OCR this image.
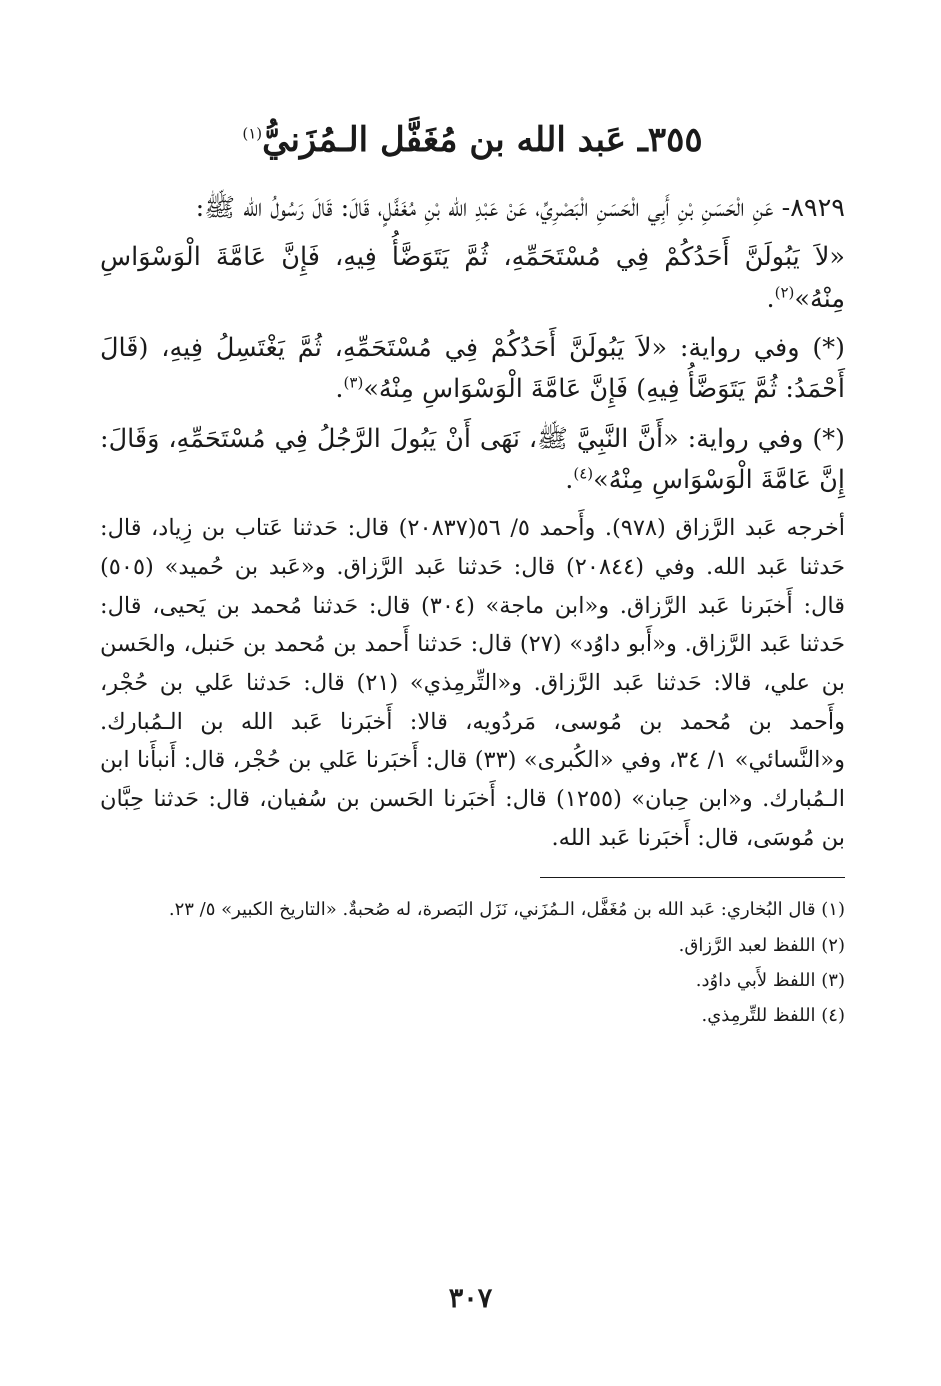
٣٥٥ـ عَبد الله بن مُغَفَّل الـمُزَنيُّ$^{(١)}$

٨٩٢٩- عَنِ الْحَسَنِ بْنِ أَبِي الْحَسَنِ الْبَصْرِيِّ، عَنْ عَبْدِ الله بْنِ مُغَفَّلٍ، قَالَ: قَالَ رَسُولُ الله ﷺ:

«لاَ يَبُولَنَّ أَحَدُكُمْ فِي مُسْتَحَمِّهِ، ثُمَّ يَتَوَضَّأُ فِيهِ، فَإِنَّ عَامَّةَ الْوَسْوَاسِ مِنْهُ»$^{(٢)}$.

(*) وفي رواية: «لاَ يَبُولَنَّ أَحَدُكُمْ فِي مُسْتَحَمِّهِ، ثُمَّ يَغْتَسِلُ فِيهِ، (قَالَ أَحْمَدُ: ثُمَّ يَتَوَضَّأُ فِيهِ) فَإِنَّ عَامَّةَ الْوَسْوَاسِ مِنْهُ»$^{(٣)}$.

(*) وفي رواية: «أَنَّ النَّبِيَّ ﷺ، نَهَى أَنْ يَبُولَ الرَّجُلُ فِي مُسْتَحَمِّهِ، وَقَالَ: إِنَّ عَامَّةَ الْوَسْوَاسِ مِنْهُ»$^{(٤)}$.

أخرجه عَبد الرَّزاق (٩٧٨). وأَحمد ٥/ ٥٦(٢٠٨٣٧) قال: حَدثنا عَتاب بن زِياد، قال: حَدثنا عَبد الله. وفي (٢٠٨٤٤) قال: حَدثنا عَبد الرَّزاق. و«عَبد بن حُميد» (٥٠٥) قال: أَخبَرنا عَبد الرَّزاق. و«ابن ماجة» (٣٠٤) قال: حَدثنا مُحمد بن يَحيى، قال: حَدثنا عَبد الرَّزاق. و«أَبو داوُد» (٢٧) قال: حَدثنا أَحمد بن مُحمد بن حَنبل، والحَسن بن علي، قالا: حَدثنا عَبد الرَّزاق. و«التِّرمِذي» (٢١) قال: حَدثنا عَلي بن حُجْر، وأَحمد بن مُحمد بن مُوسى، مَردُويه، قالا: أَخبَرنا عَبد الله بن الـمُبارك. و«النَّسائي» ١/ ٣٤، وفي «الكُبرى» (٣٣) قال: أَخبَرنا عَلي بن حُجْر، قال: أَنبأَنا ابن الـمُبارك. و«ابن حِبان» (١٢٥٥) قال: أَخبَرنا الحَسن بن سُفيان، قال: حَدثنا حِبَّان بن مُوسَى، قال: أَخبَرنا عَبد الله.

(١) قال البُخاري: عَبد الله بن مُغَفَّل، الـمُزَني، نَزَل البَصرة، له صُحبةٌ. «التاريخ الكبير» ٥/ ٢٣.

(٢) اللفظ لعبد الرَّزاق.

(٣) اللفظ لأَبي داوُد.

(٤) اللفظ للتِّرمِذي.

٣٠٧
